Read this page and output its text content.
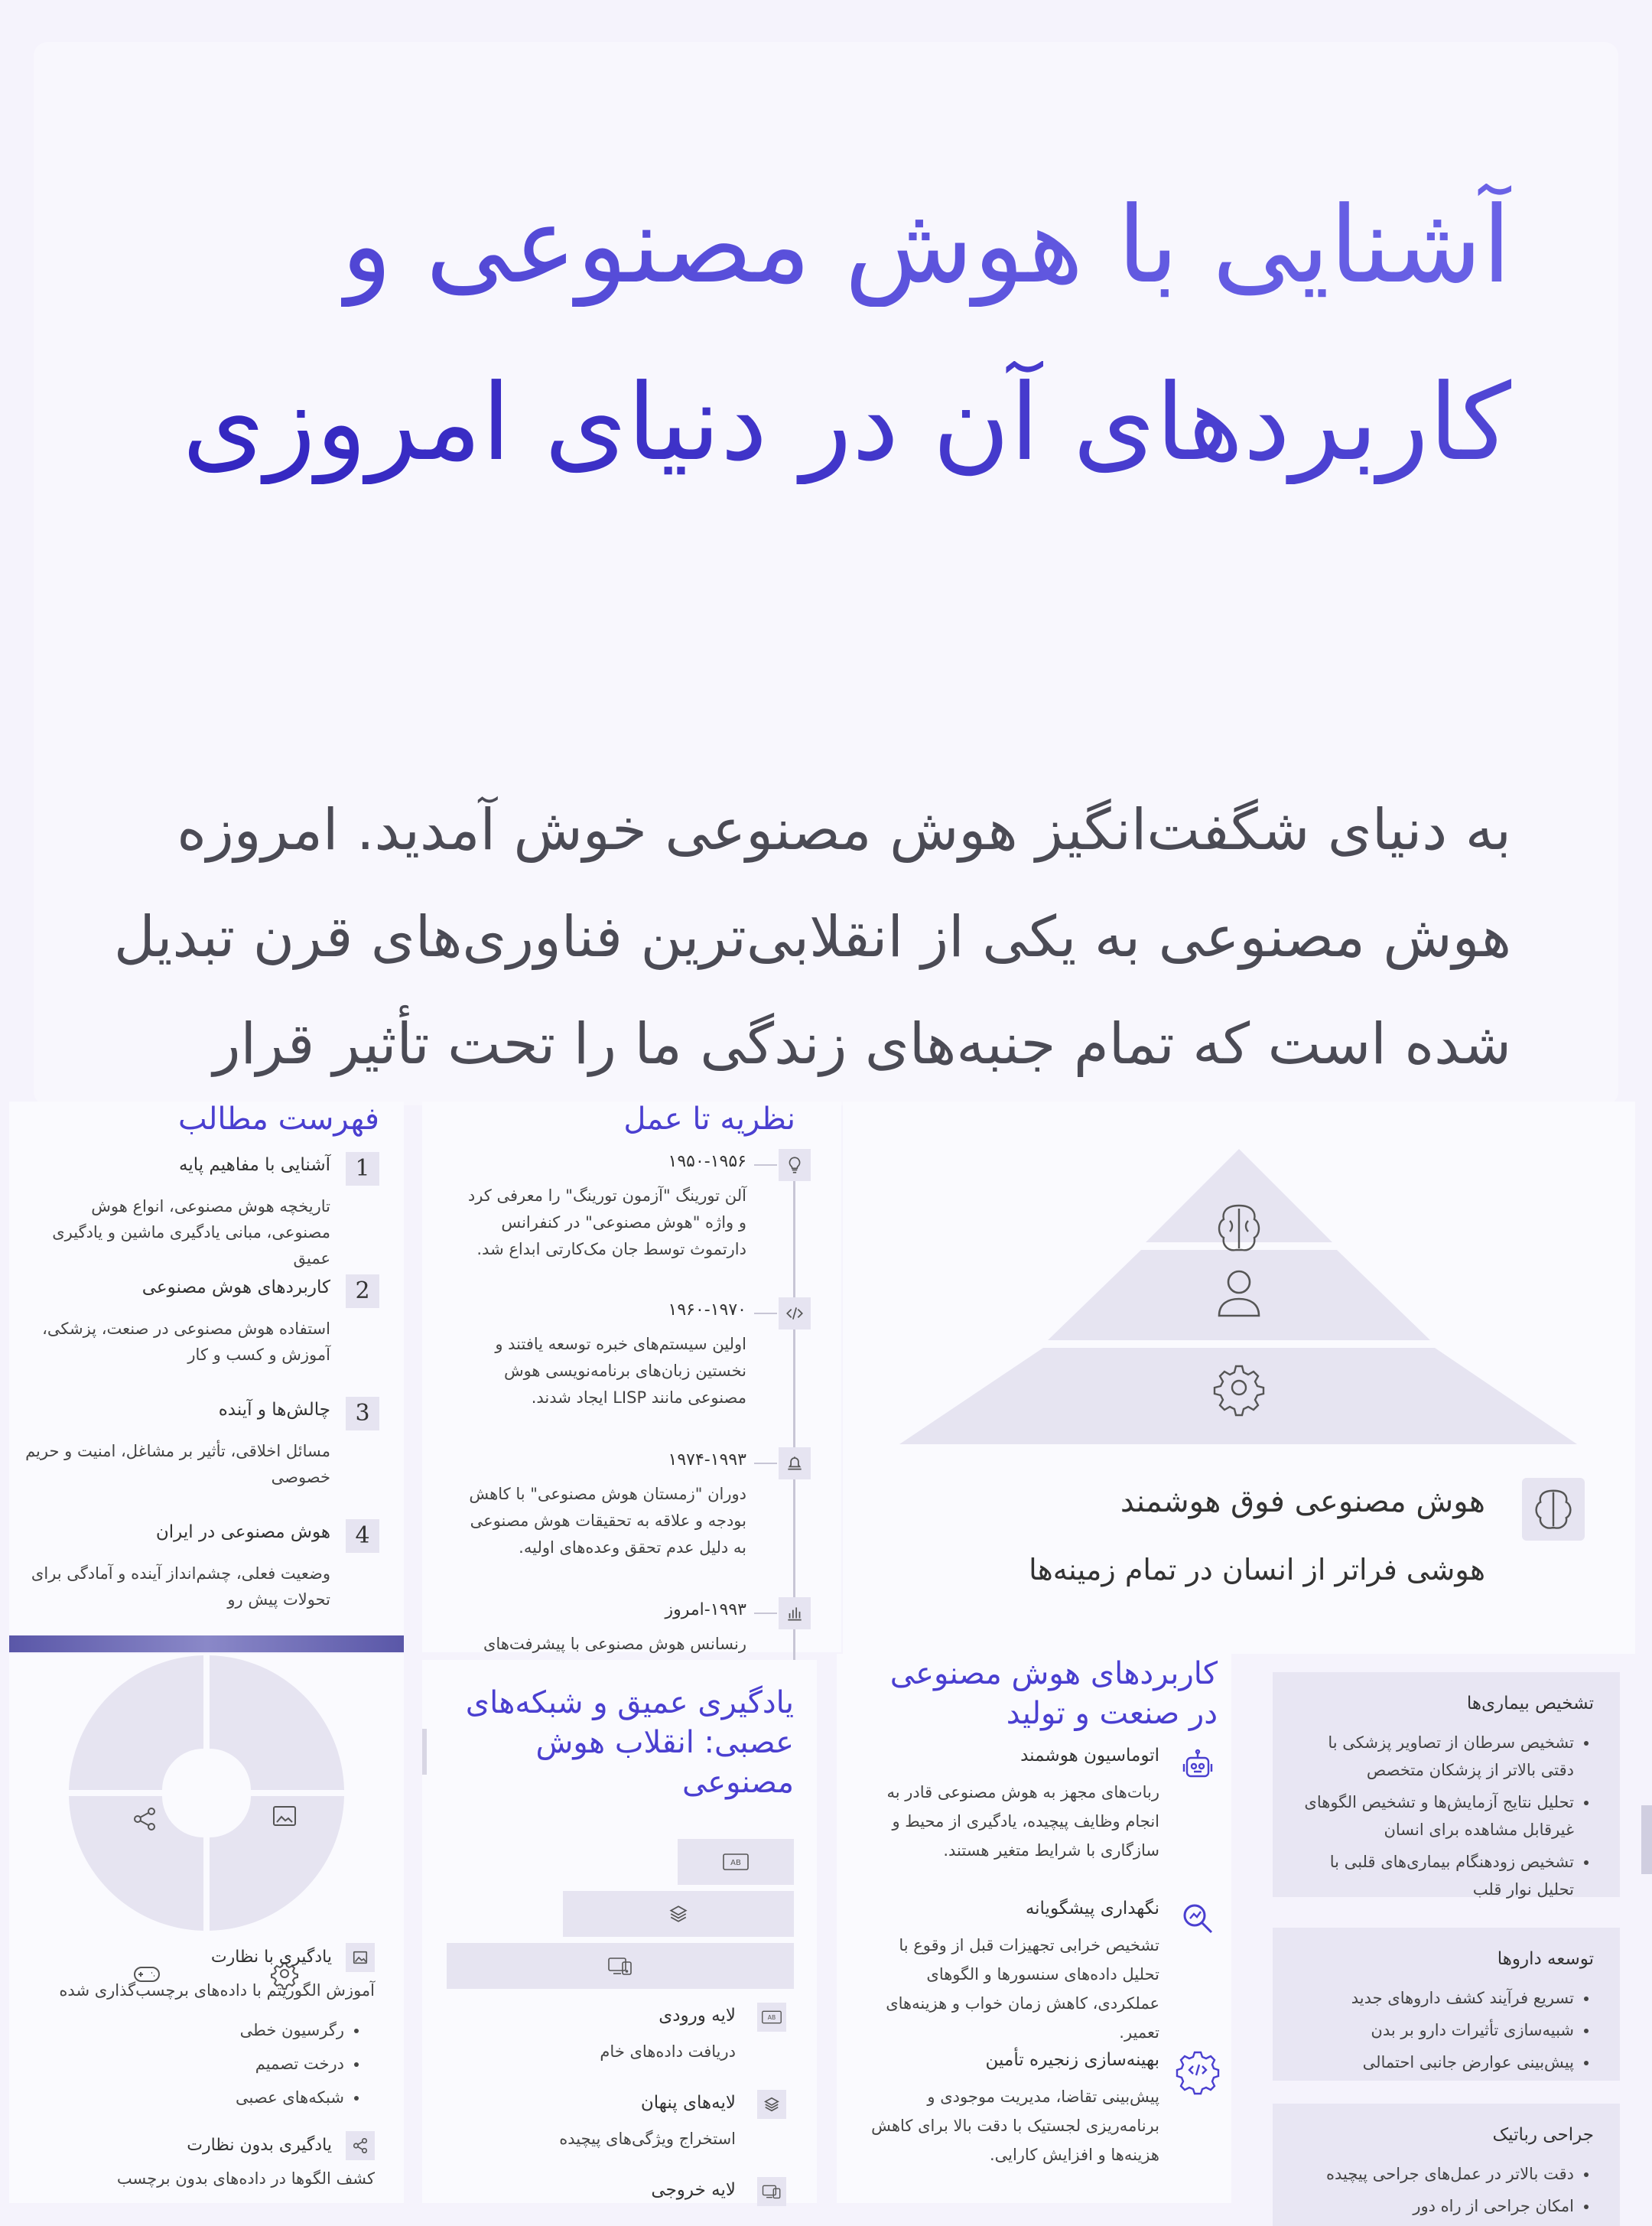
آشنایی با هوش مصنوعی و کاربردهای آن در دنیای امروزی

به دنیای شگفت‌انگیز هوش مصنوعی خوش آمدید. امروزه هوش مصنوعی به یکی از انقلابی‌ترین فناوری‌های قرن تبدیل شده است که تمام جنبه‌های زندگی ما را تحت تأثیر قرار

فهرست مطالب
1
آشنایی با مفاهیم پایه
تاریخچه هوش مصنوعی، انواع هوش مصنوعی، مبانی یادگیری ماشین و یادگیری عمیق
2
کاربردهای هوش مصنوعی
استفاده هوش مصنوعی در صنعت، پزشکی، آموزش و کسب و کار
3
چالش‌ها و آینده
مسائل اخلاقی، تأثیر بر مشاغل، امنیت و حریم خصوصی
4
هوش مصنوعی در ایران
وضعیت فعلی، چشم‌انداز آینده و آمادگی برای تحولات پیش رو
نظریه تا عمل
۱۹۵۰-۱۹۵۶
آلن تورینگ "آزمون تورینگ" را معرفی کرد و واژه "هوش مصنوعی" در کنفرانس دارتموث توسط جان مک‌کارتی ابداع شد.
۱۹۶۰-۱۹۷۰
اولین سیستم‌های خبره توسعه یافتند و نخستین زبان‌های برنامه‌نویسی هوش مصنوعی مانند LISP ایجاد شدند.
۱۹۷۴-۱۹۹۳
دوران "زمستان هوش مصنوعی" با کاهش بودجه و علاقه به تحقیقات هوش مصنوعی به دلیل عدم تحقق وعده‌های اولیه.
۱۹۹۳-امروز
رنسانس هوش مصنوعی با پیشرفت‌های
هوش مصنوعی فوق هوشمند
هوشی فراتر از انسان در تمام زمینه‌ها
یادگیری با نظارت
آموزش الگوریتم با داده‌های برچسب‌گذاری شده
• رگرسیون خطی
• درخت تصمیم
• شبکه‌های عصبی
یادگیری بدون نظارت
کشف الگوها در داده‌های بدون برچسب
یادگیری عمیق و شبکه‌های عصبی: انقلاب هوش مصنوعی
AB
AB
لایه ورودی
دریافت داده‌های خام
لایه‌های پنهان
استخراج ویژگی‌های پیچیده
لایه خروجی
کاربردهای هوش مصنوعی در صنعت و تولید
اتوماسیون هوشمند
ربات‌های مجهز به هوش مصنوعی قادر به انجام وظایف پیچیده، یادگیری از محیط و سازگاری با شرایط متغیر هستند.
نگهداری پیشگویانه
تشخیص خرابی تجهیزات قبل از وقوع با تحلیل داده‌های سنسورها و الگوهای عملکردی، کاهش زمان خواب و هزینه‌های تعمیر.
بهینه‌سازی زنجیره تأمین
پیش‌بینی تقاضا، مدیریت موجودی و برنامه‌ریزی لجستیک با دقت بالا برای کاهش هزینه‌ها و افزایش کارایی.
تشخیص بیماری‌ها
• تشخیص سرطان از تصاویر پزشکی با دقتی بالاتر از پزشکان متخصص
• تحلیل نتایج آزمایش‌ها و تشخیص الگوهای غیرقابل مشاهده برای انسان
• تشخیص زودهنگام بیماری‌های قلبی با تحلیل نوار قلب
توسعه داروها
• تسریع فرآیند کشف داروهای جدید
• شبیه‌سازی تأثیرات دارو بر بدن
• پیش‌بینی عوارض جانبی احتمالی
جراحی رباتیک
• دقت بالاتر در عمل‌های جراحی پیچیده
• امکان جراحی از راه دور
